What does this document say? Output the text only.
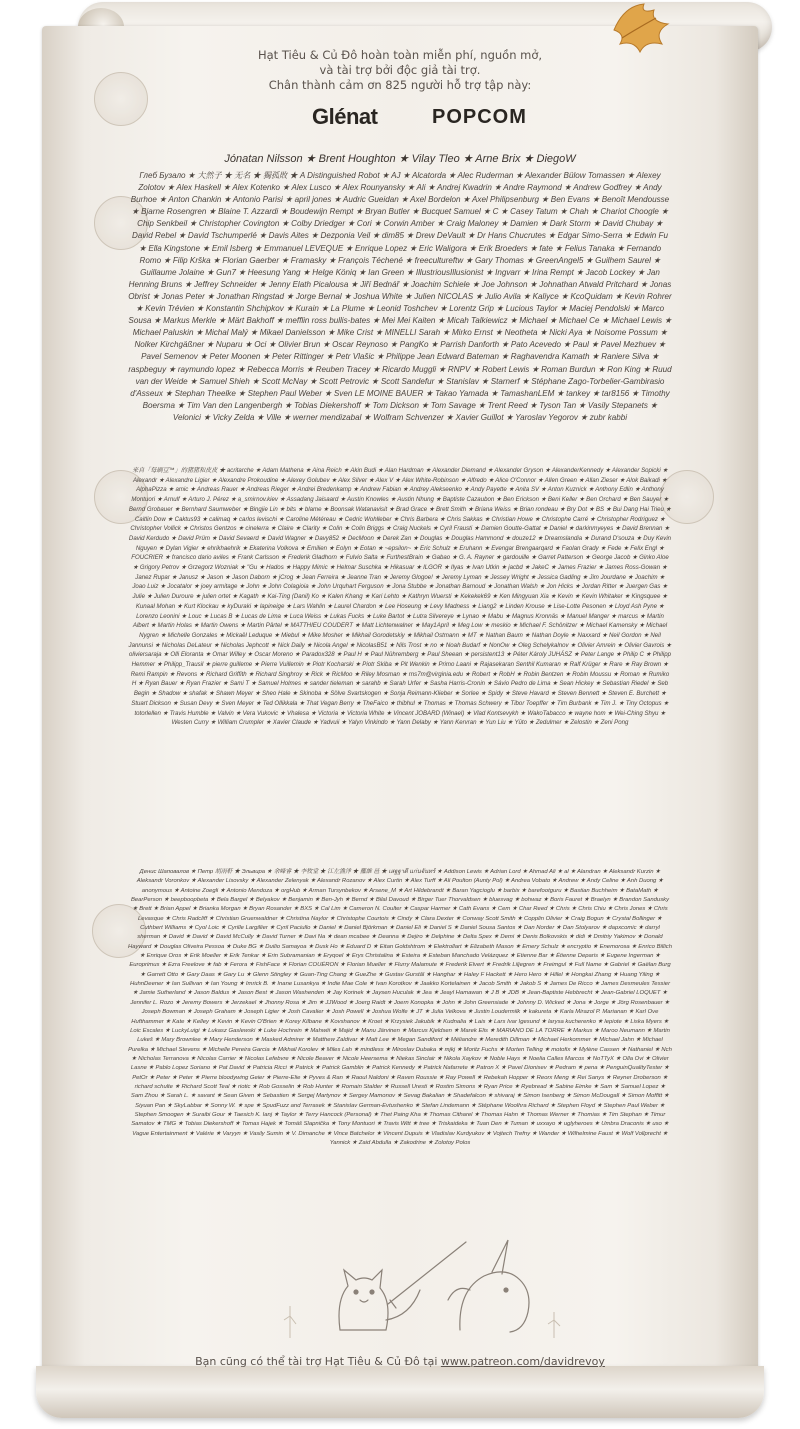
Hạt Tiêu & Củ Đô hoàn toàn miễn phí, nguồn mở,
và tài trợ bởi độc giả tài trợ.
Chân thành cảm ơn 825 người hỗ trợ tập này:
Glénat	POPCOM
Jónatan Nilsson ★ Brent Houghton ★ Vilay Tleo ★ Arne Brix ★ DiegoW
Глеб Бузало ★ 大然子 ★ 无名 ★ 獨孤敗 ★ A Distinguished Robot ★ AJ ★ Alcatorda ★ Alec Ruderman ★ Alexander Bülow Tomassen ★ Alexey Zolotov ★ Alex Haskell ★ Alex Kotenko ★ Alex Lusco ★ Alex Rounyansky ★ Ali ★ Andrej Kwadrin ★ Andre Raymond ★ Andrew Godfrey ★ Andy Burhoe ★ Anton Chankin ★ Antonio Parisi ★ april jones ★ Audric Gueidan ★ Axel Bordelon ★ Axel Philipsenburg ★ Ben Evans ★ Benoît Mendousse ★ Bjarne Rosengren ★ Blaine T. Azzardi ★ Boudewijn Rempt ★ Bryan Butler ★ Bucquet Samuel ★ C ★ Casey Tatum ★ Chah ★ Chariot Choogle ★ Chip Senkbeil ★ Christopher Covington ★ Colby Driedger ★ Cori ★ Corwin Amber ★ Craig Maloney ★ Damien ★ Dark Storm ★ David Chubay ★ David Rebel ★ David Tschumperlé ★ Davis Aites ★ Dezponia Veil ★ dim85 ★ Drew DeVault ★ Dr Hans Chucrutes ★ Edgar Simo-Serra ★ Edwin Fu ★ Ella Kingstone ★ Emil Isberg ★ Emmanuel LEVEQUE ★ Enrique Lopez ★ Eric Waligora ★ Erik Broeders ★ fate ★ Felius Tanaka ★ Fernando Romo ★ Filip Krška ★ Florian Gaerber ★ Framasky ★ François Téchené ★ freecultureftw ★ Gary Thomas ★ GreenAngel5 ★ Guilhem Saurel ★ Guillaume Jolaine ★ Gun7 ★ Heesung Yang ★ Helge Köniq ★ Ian Green ★ IllustriousIllusionist ★ Ingvarr ★ Irina Rempt ★ Jacob Lockey ★ Jan Henning Bruns ★ Jeffrey Schneider ★ Jenny Elath Picalousa ★ Jiří Bednář ★ Joachim Schiele ★ Joe Johnson ★ Johnathan Atwald Pritchard ★ Jonas Obrist ★ Jonas Peter ★ Jonathan Ringstad ★ Jorge Bernal ★ Joshua White ★ Julien NICOLAS ★ Julio Avila ★ Kaliyce ★ KcoQuidam ★ Kevin Rohrer ★ Kevin Trévien ★ Konstantin Shchipkov ★ Kurain ★ La Plume ★ Leonid Toshchev ★ Lorentz Grip ★ Lucious Taylor ★ Maciej Pendolski ★ Marco Sousa ★ Markus Merkle ★ Märt Bakhoff ★ mefflin ross bullis-bates ★ Mei Mei Kaiten ★ Micah Talkiewicz ★ Michael ★ Michael Ce ★ Michael Lewis ★ Michael Paluskin ★ Michal Malý ★ Mikael Danielsson ★ Mike Crist ★ MINELLI Sarah ★ Mirko Ernst ★ Neotheta ★ Nicki Aya ★ Noisome Possum ★ Nolker Kirchgäßner ★ Nuparu ★ Oci ★ Olivier Brun ★ Oscar Reynoso ★ PangKo ★ Parrish Danforth ★ Pato Acevedo ★ Paul ★ Pavel Mezhuev ★ Pavel Semenov ★ Peter Moonen ★ Peter Rittinger ★ Petr Vlašic ★ Philippe Jean Edward Bateman ★ Raghavendra Kamath ★ Raniere Silva ★ raspbeguy ★ raymundo lopez ★ Rebecca Morris ★ Reuben Tracey ★ Ricardo Muggli ★ RNPV ★ Robert Lewis ★ Roman Burdun ★ Ron King ★ Ruud van der Weide ★ Samuel Shieh ★ Scott McNay ★ Scott Petrovic ★ Scott Sandefur ★ Stanislav ★ Starnerf ★ Stéphane Zago-Torbelier-Gambirasio d'Asseux ★ Stephan Theelke ★ Stephen Paul Weber ★ Sven LE MOINE BAUER ★ Takao Yamada ★ TamashanLEM ★ tankey ★ tar8156 ★ Timothy Boersma ★ Tim Van den Langenbergh ★ Tobias Diekershoff ★ Tom Dickson ★ Tom Savage ★ Trent Reed ★ Tyson Tan ★ Vasily Stepanets ★ Velonici ★ Vicky Zelda ★ Ville ★ werner mendizabal ★ Wolfram Schvenzer ★ Xavier Guillot ★ Yaroslav Yegorov ★ zubr kabbi
来自「每刷豆™」的猪猪和皮皮 ★ acritarche ★ Adam Mathena ★ Aina Reich ★ Akin Budi ★ Alan Hardman ★ Alexander Diemand ★ Alexander Gryson ★ AlexanderKennedy ★ Alexander Sopicki ★ Alexandr ★ Alexandre Ligier ★ Alexandre Prokoudine ★ Alexey Golubev ★ Alex Silver ★ Alex V ★ Alex White-Robinson ★ Alfredo ★ Alice O'Connor ★ Allen Green ★ Allan Zieser ★ Alok Baikadi ★ AlphaPizza ★ amic ★ Andreas Rauer ★ Andreas Rieger ★ Andrei Bredenkamp ★ Andrew Fabian ★ Andrey Alekseenko ★ Andy Payette ★ Anita SV ★ Anton Kuznick ★ Anthony Edlin ★ Anthony Montuori ★ Arnulf ★ Arturo J. Pérez ★ a_smirnov.kiev ★ Assadang Jaisaard ★ Austin Knowles ★ Austin Nhung ★ Baptiste Cazaubon ★ Ben Erickson ★ Beni Keller ★ Ben Orchard ★ Ben Sauyer ★ Bernd Grobauer ★ Bernhard Saumweber ★ Bingjie Lin ★ bits ★ blame ★ Boonsak Watanavisit ★ Brad Grace ★ Brett Smith ★ Briana Weiss ★ Brian rondeau ★ Bry Dot ★ BS ★ Bui Dang Hai Trieu ★ Caitlin Dow ★ Caktus93 ★ calimaq ★ carlos levischi ★ Caroline Météreau ★ Cedric Wohlleber ★ Chris Barbera ★ Chris Sakkas ★ Christian Howe ★ Christophe Carré ★ Christopher Rodriguez ★ Christopher Vollick ★ Christos Gentzos ★ cinelerra ★ Claire ★ Clarity ★ Colin ★ Colin Briggs ★ Craig Nuckels ★ Cyril Frausti ★ Damien Goutte-Gattat ★ Daniel ★ darkinmyeyes ★ David Brennan ★ David Kerdudo ★ David Prüm ★ David Sevaerd ★ David Wagner ★ Davy852 ★ DecMoon ★ Derek Zan ★ Douglas ★ Douglas Hammond ★ douze12 ★ Dreamslandia ★ Durand D'souza ★ Duy Kevin Nguyen ★ Dylan Vigier ★ ehrikhaehrik ★ Ekaterina Volkova ★ Emilien ★ Eolyn ★ Eotan ★ ~epsilon~ ★ Eric Schulz ★ Eruhann ★ Evengar Brengaarqard ★ Faolan Grady ★ Fede ★ Felix Engl ★ FOUCRIER ★ francisco dario aviles ★ Frank Carlsson ★ Frederik Gladhorn ★ Fulvio Salta ★ FurthestBrain ★ Gabao ★ G. A. Rayner ★ gardouille ★ Garret Patterson ★ George Jacob ★ Ginko Aloe ★ Grigory Petrov ★ Grzegorz Wozniak ★ "Gu ★ Hados ★ Happy Mimic ★ Helmar Suschka ★ Hikasuar ★ ILGOR ★ Ilyas ★ Ivan Utkin ★ jacbd ★ JakeC ★ James Frazier ★ James Ross-Gowan ★ Janez Rupar ★ Janusz ★ Jason ★ Jason Daborn ★ jCrog ★ Jean Ferreira ★ Jeanne Tran ★ Jeremy Glogoe! ★ Jeremy Lyman ★ Jessey Wright ★ Jessica Gadling ★ Jim Jourdane ★ Joachim ★ Joao Luiz ★ Jocatalor ★ joey armitage ★ John ★ John Colagioia ★ John Urquhart Ferguson ★ Jona Stubbe ★ Jonathan Barnoud ★ Jonathan Walsh ★ Jon Hicks ★ Jordan Ritter ★ Juergen Gas ★ Julie ★ Julien Duroure ★ julien ortet ★ Kagath ★ Kai-Ting (Danil) Ko ★ Kalen Khang ★ Kari Lehto ★ Kathryn Wuersti ★ Kekekek69 ★ Ken Mingyuan Xia ★ Kevin ★ Kevin Whitaker ★ Kingsquee ★ Kunaal Mohan ★ Kurt Klockau ★ kyDuraki ★ lapineige ★ Lars Wahlin ★ Laurel Chardon ★ Lee Hoseung ★ Levy Madness ★ Liang2 ★ Linden Krouse ★ Lise-Lotte Pesonen ★ Lloyd Ash Pyne ★ Lorenzo Leonini ★ Louc ★ Lucas B ★ Lucas de Lima ★ Luca Weiss ★ Lukas Fucks ★ Luke Bartot ★ Lutra Silvereye ★ Lynao ★ Mabu ★ Magnus Kronnäs ★ Manuel Manger ★ marcus ★ Martin Albert ★ Martin Holas ★ Martin Owens ★ Martin Pärtel ★ MATTHIEU COUDERT ★ Matt Lichtenwalner ★ May1April ★ Meg Low ★ meskio ★ Michael F. Schönitzer ★ Michael Kamensky ★ Michael Nygren ★ Michelle Gonzales ★ Mickaël Leduque ★ Miebul ★ Mike Mosher ★ Mikhail Gorodetskiy ★ Mikhail Ostmann ★ MT ★ Nathan Baum ★ Nathan Doyle ★ Naxxard ★ Neil Gordon ★ Neil Jannunsi ★ Nicholas DeLateur ★ Nicholas Jephcott ★ Nick Daily ★ Nicola Angel ★ NicolasB51 ★ Nils Trost ★ no ★ Noah Budarf ★ NonOw ★ Oleg Schelykalnov ★ Olivier Amrein ★ Olivier Gavrois ★ oliviersaraja ★ Olli Eloranta ★ Omar Willey ★ Oscar Moreno ★ Paradox328 ★ Paul H ★ Paul Nühremberg ★ Paul Sheean ★ persistent13 ★ Péter Károly JUHÁSZ ★ Peter Lange ★ Philip C ★ Philipp Hemmer ★ Philipp_Trausil ★ pierre guilleme ★ Pierre Vuillemin ★ Piotr Kocharski ★ Piotr Skiba ★ Pit Wenkin ★ Primo Laani ★ Rajasekaran Senthil Kumaran ★ Ralf Krüger ★ Rare ★ Ray Brown ★ Remi Rampin ★ Revons ★ Richard Griffith ★ Richard Singhroy ★ Rick ★ RicMoo ★ Riley Mosman ★ rns7m@virginia.edu ★ Robert ★ RobH ★ Robin Bentzen ★ Robin Moussu ★ Roman ★ Rumiko H ★ Ryan Bauer ★ Ryan Frazier ★ Sami T ★ Samuel Holmes ★ sander tieleman ★ sarahb ★ Sarah Urfer ★ Sasha Harris-Cronin ★ Sávio Pedro de Lima ★ Sean Hickey ★ Sebastian Riedel ★ Seb Begin ★ Shadow ★ shafak ★ Shawn Meyer ★ Sheo Hale ★ Skinoba ★ Sölve Svartskogen ★ Sonja Reimann-Klieber ★ Sorlee ★ Spidy ★ Steve Havard ★ Steven Bennett ★ Steven E. Burchett ★ Stuart Dickson ★ Susan Devy ★ Sven Meyer ★ Ted Ollikkala ★ That Vegan Berry ★ TheFaico ★ thibhul ★ Thomas ★ Thomas Schwery ★ Tibor Toepffer ★ Tim Burbank ★ Tim J. ★ Tiny Octopus ★ totorlellen ★ Travis Humble ★ Valvin ★ Vera Vukovic ★ Vhalesa ★ Victoria ★ Victoria White ★ Vincent JOBARD (Winael) ★ Vlad Kontsevykh ★ WakoTabacco ★ wayne hom ★ Wei-Ching Shyu ★ Westen Curry ★ William Crumpler ★ Xavier Claude ★ Yadvuii ★ Yalyn Vinkindo ★ Yann Delaby ★ Yann Kervran ★ Yun Liu ★ Yūto ★ Zedulmer ★ Zelostin ★ Zeni Pong
Денис Шаповалов ★ Петр 胡雨軒 ★ Эльвира ★ 余峰睿 ★ 李牧堂 ★ 江左漁洋 ★ 羅維 邑 ★ เสฐฐาดี แก่นจันทร์ ★ Addison Lewis ★ Adrian Lord ★ Ahmad Ali ★ al ★ Alandran ★ Aleksandr Kurzin ★ Aleksandr Voronkov ★ Alexander Lisovsky ★ Alexander Zelenyak ★ Alexandr Rozanov ★ Alex Curtin ★ Alex Turff ★ Ali Poulton (Aunty Pol) ★ Andrea Vobato ★ Andrew ★ Andy Celine ★ Anh Duong ★ anonymous ★ Antoine Zoegli ★ Antonio Mendoza ★ orgHub ★ Arman Tursynbekov ★ Arsene_M ★ Art Hildebrandt ★ Baran Yagcioglu ★ barbix ★ barefootguru ★ Bastian Buchheim ★ BataMath ★ BearPerson ★ beepboopbeta ★ Bela Bargel ★ Belyakov ★ Benjamin ★ Ben-Jyh ★ Bernd ★ Bilal Davoud ★ Birger Tuer Thorvaldsen ★ bluesvag ★ bohwaz ★ Boris Fauret ★ Braelyn ★ Brandon Sandusky ★ Brett ★ Brian Appel ★ Brianka Morgan ★ Bryan Rosander ★ BXS ★ Cal Lim ★ Cameron N. Coulter ★ Caspar Harmer ★ Cath Evans ★ Cem ★ Char Reed ★ Chris ★ Chris Chiu ★ Chris Jones ★ Chris Levasque ★ Chris Radcliff ★ Christian Gruenwaldner ★ Christina Naylor ★ Christophe Courtois ★ Cindy ★ Clara Dexter ★ Conway Scott Smith ★ Copplin Olivier ★ Craig Bogun ★ Crystal Bollinger ★ Cuthbert Williams ★ Cyol Loic ★ Cyrille Largillier ★ Cyril Paciullo ★ Daniel ★ Daniel Björkman ★ Daniel Eli ★ Daniel S ★ Daniel Sousa Santos ★ Dan Norder ★ Dan Stolyarov ★ dapxcomic ★ darryl sherman ★ David ★ David ★ David McCully ★ David Turner ★ Davi Na ★ dean mcabee ★ Deanna ★ Dejiro ★ Delphine ★ Delta Spex ★ Demi ★ Denis Bolkovskis ★ didi ★ Dmitriy Yakimov ★ Donald Hayward ★ Douglas Oliveira Pessoa ★ Duke BG ★ Duilio Samayoa ★ Dusk Ho ★ Eduard D ★ Eitan Goldshtrom ★ Elektrollart ★ Elizabeth Mason ★ Emery Schulz ★ encryptio ★ Enemorosa ★ Enrico Billich ★ Enrique Oros ★ Erik Moeller ★ Erik Tenkar ★ Erin Subramanian ★ Eryqoel ★ Erys Christalina ★ Esteira ★ Esteban Manchado Velázquez ★ Etienne Bar ★ Étienne Deparis ★ Eugene Ingerman ★ Europrimus ★ Ezra Freelove ★ fab ★ Ferora ★ FishFace ★ Florian COUÉRON ★ Florian Mueller ★ Flurry Malamute ★ Frederik Elvert ★ Fredrik Liljegren ★ Freimgul ★ Full Name ★ Gabriel ★ Gaëlan Burg ★ Garrett Otto ★ Gary Daas ★ Gary Lu ★ Glenn Stingley ★ Guan-Ting Chang ★ GueZhe ★ Gustav Gurstâl ★ Hanghar ★ Haley F Hackett ★ Hero Hero ★ Hillel ★ Hongkai Zhang ★ Huang Yiling ★ HuhnDeener ★ Ian Sullivan ★ Ian Young ★ Imrick B. ★ Inane Lusankya ★ Indie Mae Cole ★ Ivan Korotkov ★ Jaakko Kortelainen ★ Jacob Smith ★ Jakob S ★ James De Ricco ★ James Desmeules Tessier ★ Jamie Sutherland ★ Jason Baldus ★ Jason Best ★ Jason Washenden ★ Jay Korinek ★ Jaysen Huculak ★ Jea ★ Jeayl Hamawan ★ J B ★ JDB ★ Jean-Baptiste Hebbrecht ★ Jean-Gabriel LOQUET ★ Jennifer L. Rozo ★ Jeremy Bowers ★ Jerzekael ★ Jhonny Rosa ★ Jim ★ JJWood ★ Joerg Raidt ★ Joern Konopka ★ John ★ John Greensiade ★ Johnny D. Wicked ★ Jona ★ Jorge ★ Jörg Rosenbauer ★ Joseph Bowman ★ Joseph Graham ★ Joseph Ligier ★ Josh Cavalier ★ Josh Powell ★ Joshua Wolfe ★ JT ★ Julia Velkova ★ Justin Loudermilk ★ kakureta ★ Karla Mirazol P. Marianan ★ Karl Ove Hufthammer ★ Kate ★ Kelley ★ Kevin ★ Kevin O'Brien ★ Korey Kilbane ★ Kovshanov ★ Kroet ★ Krzysiek Jakubik ★ Kudnalia ★ Lais ★ Lars Ivar Igesund ★ larysa kucherenko ★ lepiote ★ Liska Myers ★ Loic Escales ★ LuckyLuigi ★ Lukasz Gaslewski ★ Luke Hochrein ★ Mahwiii ★ Majid ★ Manu Järvinen ★ Marcus Kjeldsen ★ Marek Elis ★ MARIANO DE LA TORRE ★ Markus ★ Maroo Neumann ★ Martin Lukeš ★ Mary Brownlee ★ Mary Henderson ★ Masked Admirer ★ Matthew Zaldivar ★ Matt Lee ★ Megan Sandiford ★ Méliandre ★ Meredith Dillman ★ Michael Herkommer ★ Michael Jahn ★ Michael Purelka ★ Michael Stevens ★ Michelle Pereira Garcia ★ Mikhail Korolev ★ Miles Lah ★ mindless ★ Miroslav Dubaka ★ mjkj ★ Moritz Fuchs ★ Morten Telling ★ motofix ★ Mylène Cassen ★ Nathaniel ★ Nch ★ Nicholas Terranova ★ Nicolas Carrier ★ Nicolas Lefebvre ★ Nicole Beaver ★ Nicole Heersema ★ Niekas Sinclair ★ Nikola Xaykov ★ Noble Hays ★ Noelia Calles Marcos ★ NoTTyX ★ Olla Ovi ★ Olivier Lasne ★ Pablo Lopez Soriano ★ Pat David ★ Patricia Ricci ★ Patrick ★ Patrick Gamblin ★ Patrick Kennedy ★ Patrick Nafarrete ★ Patron X ★ Pavel Dionisev ★ Pedram ★ pena ★ PenguinQualityTester ★ PetOr ★ Peter ★ Peter ★ Pierre bloodywing Geier ★ Pierre-Elie ★ Pyves & Ran ★ Raoul Naldoni ★ Raven Roussie ★ Ray Powell ★ Rebekah Hopper ★ Reorx Meng ★ Rei Sanys ★ Reyner Droberson ★ richard schulte ★ Richard Scott Teal ★ riotic ★ Rob Gosselin ★ Rob Hunter ★ Romain Stalder ★ Russell Uresti ★ Rostim Simons ★ Ryan Price ★ Ryebread ★ Sabine Eimke ★ Sam ★ Samuel Lopez ★ Sam Zhou ★ Sarah L. ★ savant ★ Sean Given ★ Sebastien ★ Sergej Martynov ★ Sergey Mamonov ★ Sevag Bakalian ★ Shadefalcon ★ shivaraj ★ Simon Isenberg ★ Simon McDougall ★ Simon Moffitt ★ Siyuan Pan ★ SkyLabbar ★ Sonny W. ★ spe ★ SpudFuzz and Terrasek ★ Stanislav German-Evtushenko ★ Stefan Lindemann ★ Stéphane Woolhra Richard ★ Stephen Floyd ★ Stephen Paul Weber ★ Stephen Smoogen ★ Suraibi Gour ★ Taesich K. Ianj ★ Taylor ★ Terry Hancock (Personal) ★ Thet Paing Kha ★ Thomas Citharel ★ Thomas Hahn ★ Thomas Werner ★ Thomias ★ Tim Stephan ★ Timur Samatov ★ TMG ★ Tobias Diekershoff ★ Tomas Hajek ★ Tomáš Slapnička ★ Tony Montuori ★ Travis Witt ★ tree ★ Triskaideka ★ Tuan Den ★ Tuman ★ uxxayo ★ uglyheroes ★ Umbra Draconis ★ uso ★ Vague Entertainment ★ Valérie ★ Varyyn ★ Vasily Sumin ★ V. Dimanche ★ Vince Batchelor ★ Vincent Dupuis ★ Vladislav Kurdyukov ★ Vojtech Trefny ★ Wander ★ Wilhelmine Faust ★ Wolf Vollprecht ★ Yannick ★ Zaid Abdulla ★ Zakodrine ★ Zolotoy Polos
Bạn cũng có thể tài trợ Hạt Tiêu & Củ Đô tại www.patreon.com/davidrevoy
